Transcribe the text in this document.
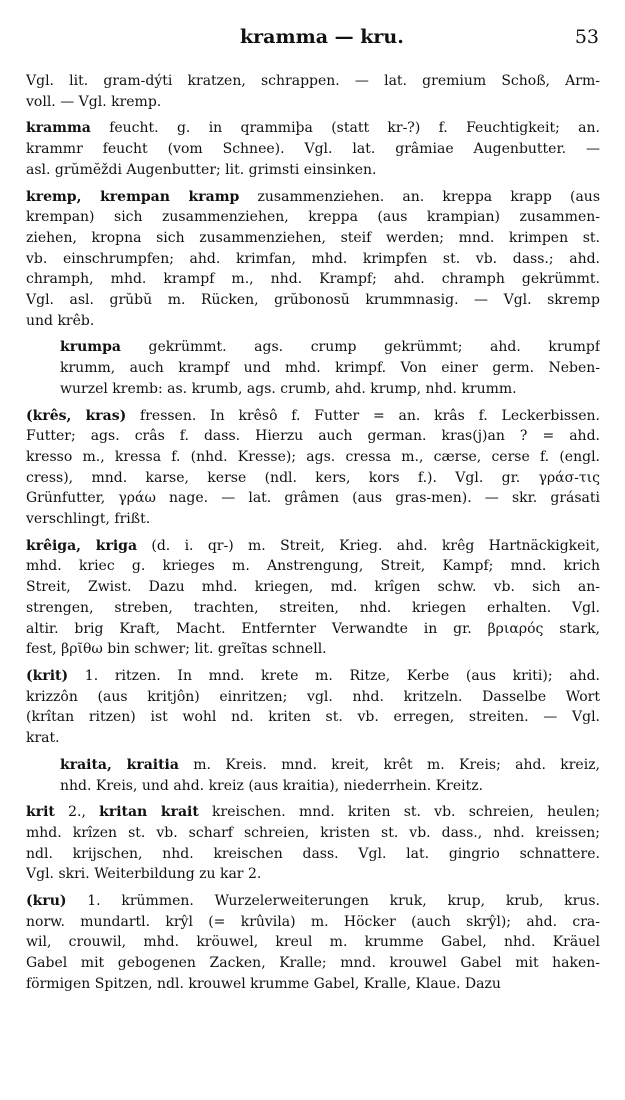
kramma — kru.	53
Vgl. lit. gram-dýti kratzen, schrappen. — lat. gremium Schoß, Arm-
voll. — Vgl. kremp.
kramma feucht. g. in qrammiþa (statt kr-?) f. Feuchtigkeit; an.
krammr feucht (vom Schnee). Vgl. lat. grâmiae Augenbutter. —
asl. grŭmĕždi Augenbutter; lit. grimsti einsinken.
kremp, krempan kramp zusammenziehen. an. kreppa krapp (aus
krempan) sich zusammenziehen, kreppa (aus krampian) zusammen-
ziehen, kropna sich zusammenziehen, steif werden; mnd. krimpen st.
vb. einschrumpfen; ahd. krimfan, mhd. krimpfen st. vb. dass.; ahd.
chramph, mhd. krampf m., nhd. Krampf; ahd. chramph gekrümmt.
Vgl. asl. grŭbŭ m. Rücken, grŭbonosŭ krummnasig. — Vgl. skremp
und krêb.
krumpa gekrümmt. ags. crump gekrümmt; ahd. krumpf
krumm, auch krampf und mhd. krimpf. Von einer germ. Neben-
wurzel kremb: as. krumb, ags. crumb, ahd. krump, nhd. krumm.
(krês, kras) fressen. In krêsô f. Futter = an. krâs f. Leckerbissen.
Futter; ags. crâs f. dass. Hierzu auch german. kras(j)an ? = ahd.
kresso m., kressa f. (nhd. Kresse); ags. cressa m., cærse, cerse f. (engl.
cress), mnd. karse, kerse (ndl. kers, kors f.). Vgl. gr. γράσ-τις
Grünfutter, γράω nage. — lat. grâmen (aus gras-men). — skr. grásati
verschlingt, frißt.
krêiga, kriga (d. i. qr-) m. Streit, Krieg. ahd. krêg Hartnäckigkeit,
mhd. kriec g. krieges m. Anstrengung, Streit, Kampf; mnd. krich
Streit, Zwist. Dazu mhd. kriegen, md. krîgen schw. vb. sich an-
strengen, streben, trachten, streiten, nhd. kriegen erhalten. Vgl.
altir. brig Kraft, Macht. Entfernter Verwandte in gr. βριαρός stark,
fest, βρῖθω bin schwer; lit. greĩtas schnell.
(krit) 1. ritzen. In mnd. krete m. Ritze, Kerbe (aus kriti); ahd.
krizzôn (aus kritjôn) einritzen; vgl. nhd. kritzeln. Dasselbe Wort
(krîtan ritzen) ist wohl nd. kriten st. vb. erregen, streiten. — Vgl.
krat.
kraita, kraitia m. Kreis. mnd. kreit, krêt m. Kreis; ahd. kreiz,
nhd. Kreis, und ahd. kreiz (aus kraitia), niederrhein. Kreitz.
krit 2., kritan krait kreischen. mnd. kriten st. vb. schreien, heulen;
mhd. krîzen st. vb. scharf schreien, kristen st. vb. dass., nhd. kreissen;
ndl. krijschen, nhd. kreischen dass. Vgl. lat. gingrio schnattere.
Vgl. skri. Weiterbildung zu kar 2.
(kru) 1. krümmen. Wurzelerweiterungen kruk, krup, krub, krus.
norw. mundartl. krŷl (= krûvila) m. Höcker (auch skrŷl); ahd. cra-
wil, crouwil, mhd. kröuwel, kreul m. krumme Gabel, nhd. Kräuel
Gabel mit gebogenen Zacken, Kralle; mnd. krouwel Gabel mit haken-
förmigen Spitzen, ndl. krouwel krumme Gabel, Kralle, Klaue. Dazu
